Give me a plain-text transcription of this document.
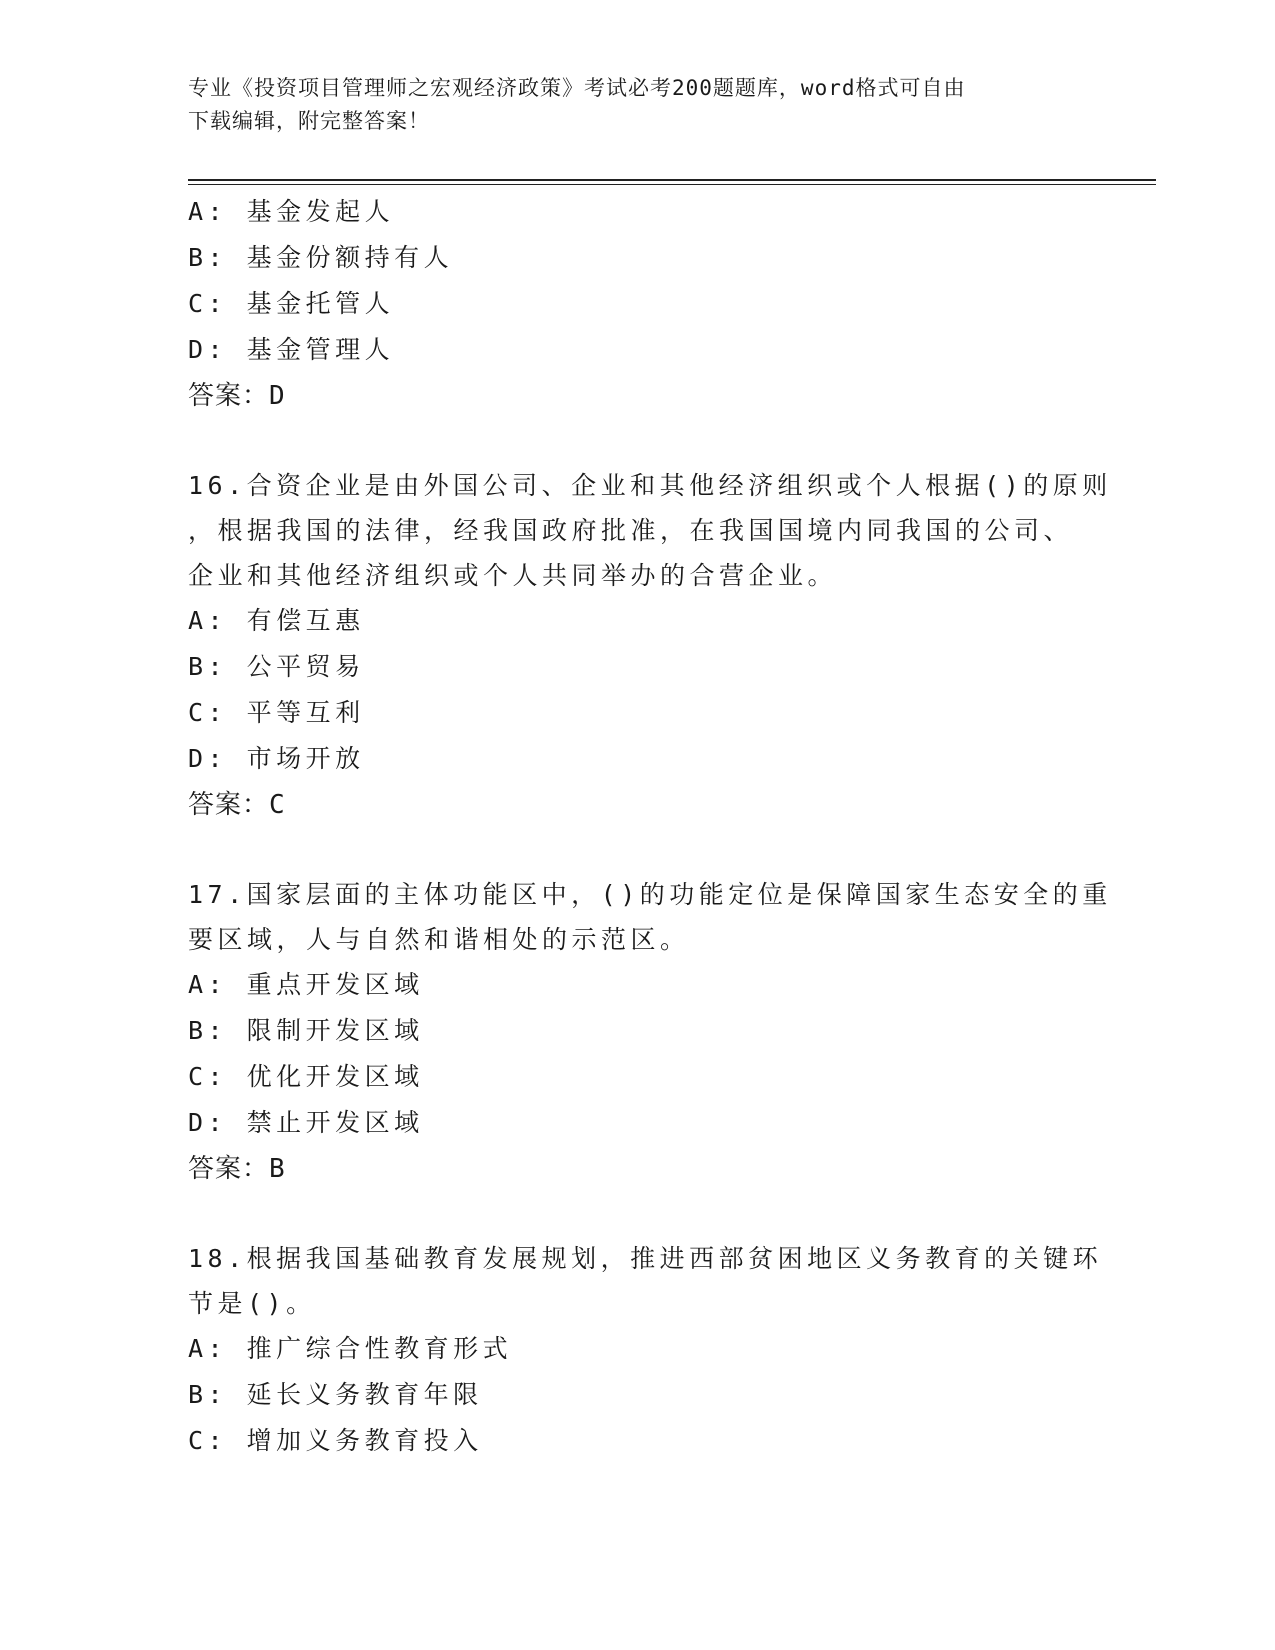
专业《投资项目管理师之宏观经济政策》考试必考200题题库，word格式可自由
下载编辑，附完整答案！
A: 基金发起人
B: 基金份额持有人
C: 基金托管人
D: 基金管理人
答案：D
16.合资企业是由外国公司、企业和其他经济组织或个人根据()的原则
，根据我国的法律，经我国政府批准，在我国国境内同我国的公司、
企业和其他经济组织或个人共同举办的合营企业。
A: 有偿互惠
B: 公平贸易
C: 平等互利
D: 市场开放
答案：C
17.国家层面的主体功能区中，()的功能定位是保障国家生态安全的重
要区域，人与自然和谐相处的示范区。
A: 重点开发区域
B: 限制开发区域
C: 优化开发区域
D: 禁止开发区域
答案：B
18.根据我国基础教育发展规划，推进西部贫困地区义务教育的关键环
节是()。
A: 推广综合性教育形式
B: 延长义务教育年限
C: 增加义务教育投入
